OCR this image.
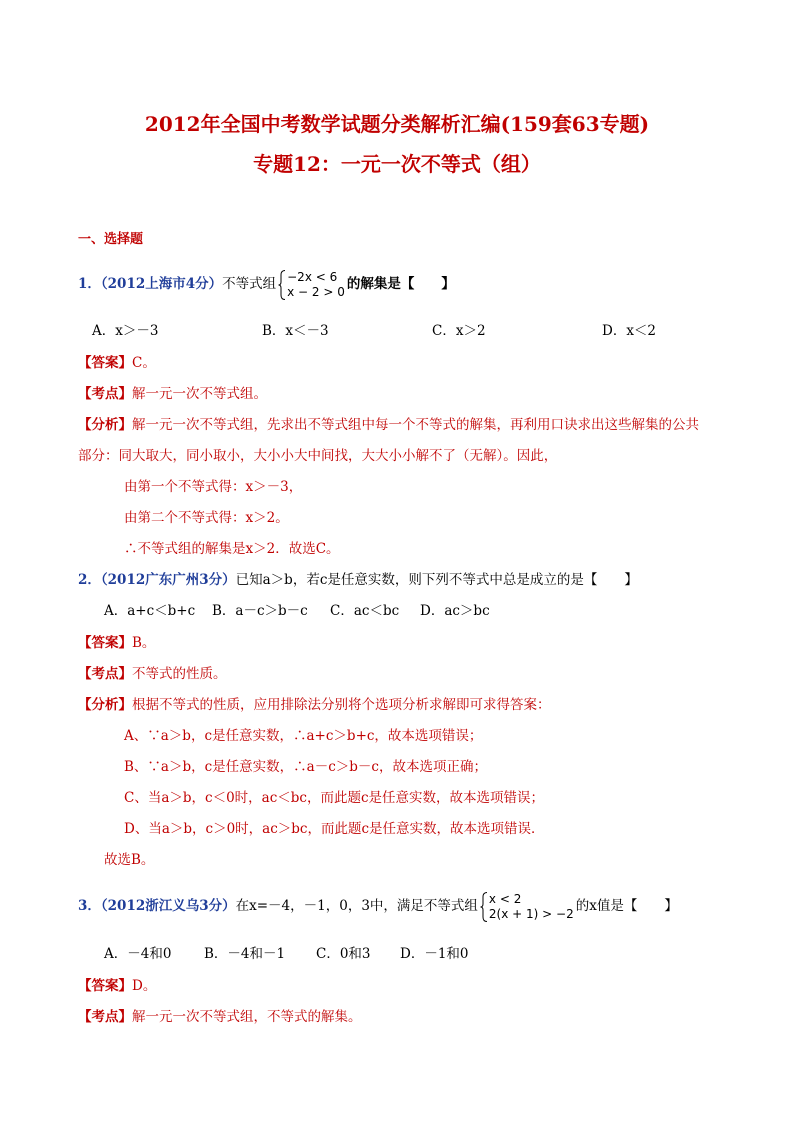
2012年全国中考数学试题分类解析汇编(159套63专题)
专题12：一元一次不等式（组）
一、选择题
1．（2012上海市4分）不等式组 −2x < 6
x − 2 > 0 的解集是【　　】
A．x＞－3	B．x＜－3	C．x＞2	D．x＜2
【答案】C。
【考点】解一元一次不等式组。
【分析】解一元一次不等式组，先求出不等式组中每一个不等式的解集，再利用口诀求出这些解集的公共
部分：同大取大，同小取小，大小小大中间找，大大小小解不了（无解）。因此，
由第一个不等式得：x＞－3，
由第二个不等式得：x＞2。
∴不等式组的解集是x＞2．故选C。
2．（2012广东广州3分）已知a＞b，若c是任意实数，则下列不等式中总是成立的是【　　】
A．a+c＜b+c B．a－c＞b－c C．ac＜bc D．ac＞bc
【答案】B。
【考点】不等式的性质。
【分析】根据不等式的性质，应用排除法分别将个选项分析求解即可求得答案：
A、∵a＞b，c是任意实数，∴a+c＞b+c，故本选项错误；
B、∵a＞b，c是任意实数，∴a－c＞b－c，故本选项正确；
C、当a＞b，c＜0时，ac＜bc，而此题c是任意实数，故本选项错误；
D、当a＞b，c＞0时，ac＞bc，而此题c是任意实数，故本选项错误．
故选B。
3．（2012浙江义乌3分）在x=－4，－1，0，3中，满足不等式组 x < 2
2(x + 1) > −2 的x值是【　　】
A．－4和0 B．－4和－1 C．0和3 D．－1和0
【答案】D。
【考点】解一元一次不等式组，不等式的解集。
